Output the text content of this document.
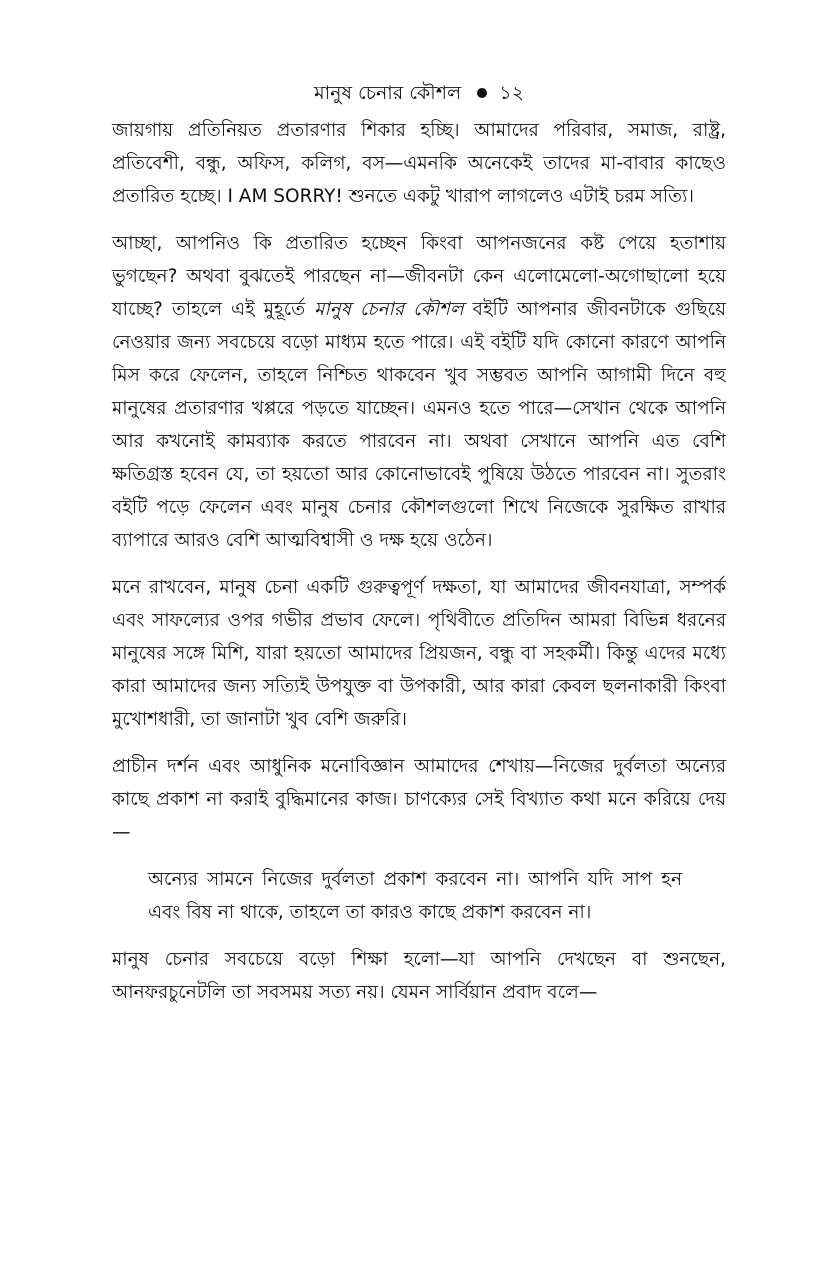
মানুষ চেনার কৌশল ১২

জায়গায় প্রতিনিয়ত প্রতারণার শিকার হচ্ছি। আমাদের পরিবার, সমাজ, রাষ্ট্র, প্রতিবেশী, বন্ধু, অফিস, কলিগ, বস—এমনকি অনেকেই তাদের মা-বাবার কাছেও প্রতারিত হচ্ছে। I AM SORRY! শুনতে একটু খারাপ লাগলেও এটাই চরম সত্যি।

আচ্ছা, আপনিও কি প্রতারিত হচ্ছেন কিংবা আপনজনের কষ্ট পেয়ে হতাশায় ভুগছেন? অথবা বুঝতেই পারছেন না—জীবনটা কেন এলোমেলো-অগোছালো হয়ে যাচ্ছে? তাহলে এই মুহূর্তে মানুষ চেনার কৌশল বইটি আপনার জীবনটাকে গুছিয়ে নেওয়ার জন্য সবচেয়ে বড়ো মাধ্যম হতে পারে। এই বইটি যদি কোনো কারণে আপনি মিস করে ফেলেন, তাহলে নিশ্চিত থাকবেন খুব সম্ভবত আপনি আগামী দিনে বহু মানুষের প্রতারণার খপ্পরে পড়তে যাচ্ছেন। এমনও হতে পারে—সেখান থেকে আপনি আর কখনোই কামব্যাক করতে পারবেন না। অথবা সেখানে আপনি এত বেশি ক্ষতিগ্রস্ত হবেন যে, তা হয়তো আর কোনোভাবেই পুষিয়ে উঠতে পারবেন না। সুতরাং বইটি পড়ে ফেলেন এবং মানুষ চেনার কৌশলগুলো শিখে নিজেকে সুরক্ষিত রাখার ব্যাপারে আরও বেশি আত্মবিশ্বাসী ও দক্ষ হয়ে ওঠেন।

মনে রাখবেন, মানুষ চেনা একটি গুরুত্বপূর্ণ দক্ষতা, যা আমাদের জীবনযাত্রা, সম্পর্ক এবং সাফল্যের ওপর গভীর প্রভাব ফেলে। পৃথিবীতে প্রতিদিন আমরা বিভিন্ন ধরনের মানুষের সঙ্গে মিশি, যারা হয়তো আমাদের প্রিয়জন, বন্ধু বা সহকর্মী। কিন্তু এদের মধ্যে কারা আমাদের জন্য সত্যিই উপযুক্ত বা উপকারী, আর কারা কেবল ছলনাকারী কিংবা মুখোশধারী, তা জানাটা খুব বেশি জরুরি।

প্রাচীন দর্শন এবং আধুনিক মনোবিজ্ঞান আমাদের শেখায়—নিজের দুর্বলতা অন্যের কাছে প্রকাশ না করাই বুদ্ধিমানের কাজ। চাণক্যের সেই বিখ্যাত কথা মনে করিয়ে দেয়—

অন্যের সামনে নিজের দুর্বলতা প্রকাশ করবেন না। আপনি যদি সাপ হন এবং বিষ না থাকে, তাহলে তা কারও কাছে প্রকাশ করবেন না।

মানুষ চেনার সবচেয়ে বড়ো শিক্ষা হলো—যা আপনি দেখছেন বা শুনছেন, আনফরচুনেটলি তা সবসময় সত্য নয়। যেমন সার্বিয়ান প্রবাদ বলে—
